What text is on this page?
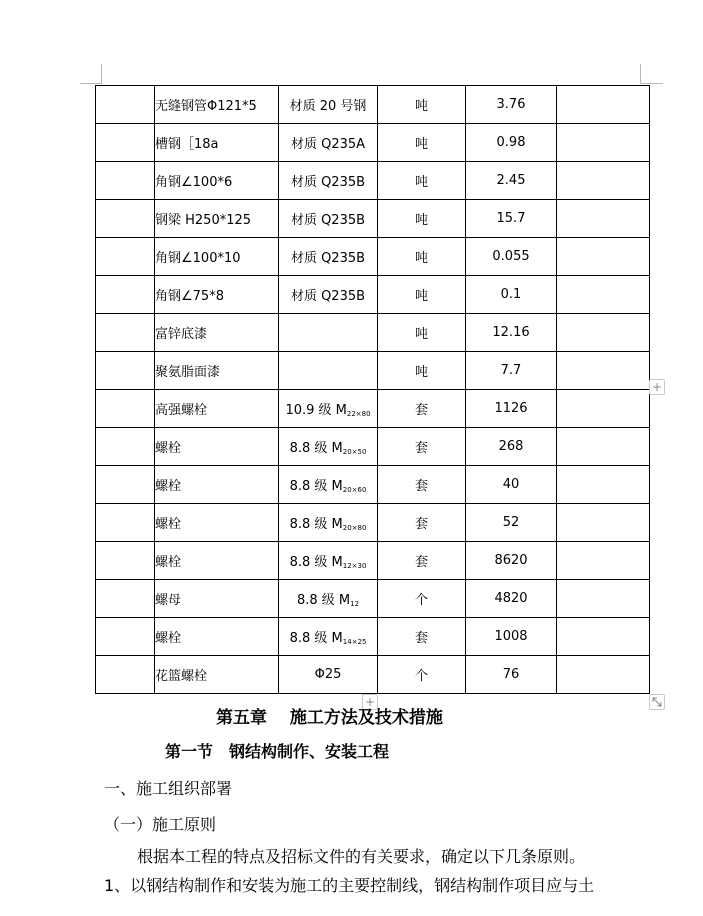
	无缝钢管Φ121*5	材质 20 号钢	吨	3.76	
	槽钢［18a	材质 Q235A	吨	0.98	
	角钢∠100*6	材质 Q235B	吨	2.45	
	钢梁 H250*125	材质 Q235B	吨	15.7	
	角钢∠100*10	材质 Q235B	吨	0.055	
	角钢∠75*8	材质 Q235B	吨	0.1	
	富锌底漆		吨	12.16	
	聚氨脂面漆		吨	7.7	
	高强螺栓	10.9 级 $M_{22\times 80}$	套	1126	
	螺栓	8.8 级 $M_{20\times 50}$	套	268	
	螺栓	8.8 级 $M_{20\times 60}$	套	40	
	螺栓	8.8 级 $M_{20\times 80}$	套	52	
	螺栓	8.8 级 $M_{12\times 30}$	套	8620	
	螺母	8.8 级 $M_{12}$	个	4820	
	螺栓	8.8 级 $M_{14\times 25}$	套	1008	
	花篮螺栓	Φ25	个	76	
+
+
第五章　 施工方法及技术措施
第一节　钢结构制作、安装工程
一、施工组织部署
（一）施工原则
根据本工程的特点及招标文件的有关要求，确定以下几条原则。
1、以钢结构制作和安装为施工的主要控制线，钢结构制作项目应与土
